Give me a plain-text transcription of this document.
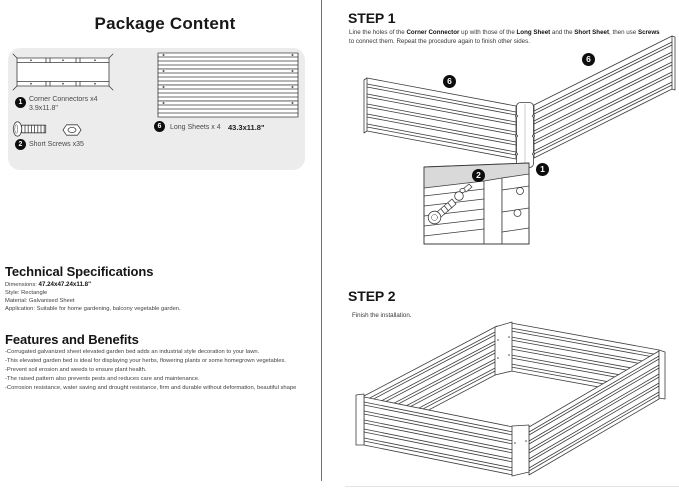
Package Content
1 Corner Connectors x4
3.9x11.8"
2 Short Screws x35
6	Long Sheets x 4 43.3x11.8"
Technical Specifications
Dimensions: 47.24x47.24x11.8"
Style: Rectangle
Material: Galvanised Sheet
Application: Suitable for home gardening, balcony vegetable garden.
Features and Benefits
-Corrugated galvanized sheet elevated garden bed adds an industrial style decoration to your lawn.
-This elevated garden bed is ideal for displaying your herbs, flowering plants or some homegrown vegetables.
-Prevent soil erosion and weeds to ensure plant health.
-The raised pattern also prevents pests and reduces care and maintenance.
-Corrosion resistance, water saving and drought resistance, firm and durable without deformation, beautiful shape
STEP 1
Line the holes of the Corner Connector up with those of the Long Sheet and the Short Sheet, then use Screws
to connect them. Repeat the procedure again to finish other sides.
6
6
1
2
STEP 2
Finish the installation.
